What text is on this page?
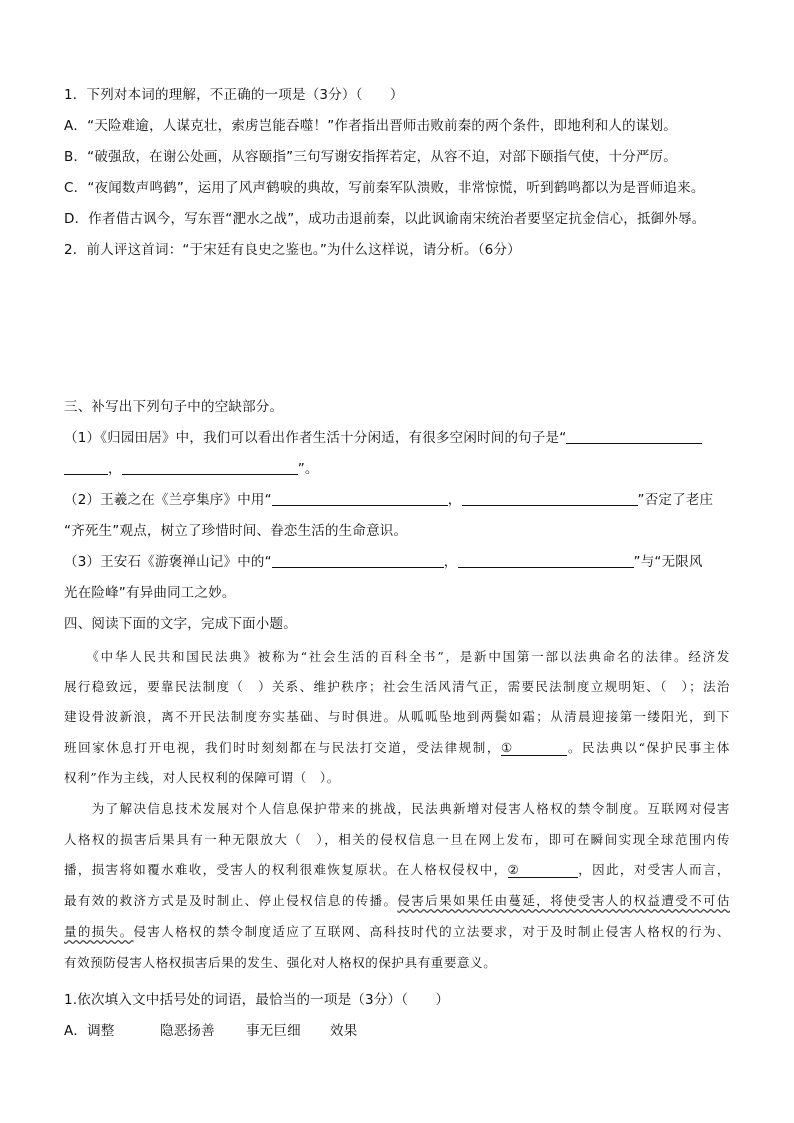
1．下列对本词的理解，不正确的一项是（3分）（　　）
A．“天险难逾，人谋克壮，索虏岂能吞噬！”作者指出晋师击败前秦的两个条件，即地利和人的谋划。
B．“破强敌，在谢公处画，从容颐指”三句写谢安指挥若定，从容不迫，对部下颐指气使，十分严厉。
C．“夜闻数声鸣鹤”，运用了风声鹤唳的典故，写前秦军队溃败，非常惊慌，听到鹤鸣都以为是晋师追来。
D．作者借古讽今，写东晋“淝水之战”，成功击退前秦，以此讽谕南宋统治者要坚定抗金信心，抵御外辱。
2．前人评这首词：“于宋廷有良史之鉴也。”为什么这样说，请分析。（6分）
三、补写出下列句子中的空缺部分。
（1）《归园田居》中，我们可以看出作者生活十分闲适，有很多空闲时间的句子是“
，	”。
（2）王羲之在《兰亭集序》中用“	，	”否定了老庄
“齐死生”观点，树立了珍惜时间、眷恋生活的生命意识。
（3）王安石《游褒禅山记》中的“	，	”与“无限风
光在险峰”有异曲同工之妙。
四、阅读下面的文字，完成下面小题。
　　《中华人民共和国民法典》被称为“社会生活的百科全书”，是新中国第一部以法典命名的法律。经济发
展行稳致远，要靠民法制度（　）关系、维护秩序；社会生活风清气正，需要民法制度立规明矩、（　）；法治
建设骨波新浪，离不开民法制度夯实基础、与时俱进。从呱呱坠地到两鬓如霜；从清晨迎接第一缕阳光，到下
班回家休息打开电视，我们时时刻刻都在与民法打交道，受法律规制，①	。民法典以“保护民事主体
权利”作为主线，对人民权利的保障可谓（　）。
　　为了解决信息技术发展对个人信息保护带来的挑战，民法典新增对侵害人格权的禁令制度。互联网对侵害
人格权的损害后果具有一种无限放大（　），相关的侵权信息一旦在网上发布，即可在瞬间实现全球范围内传
播，损害将如覆水难收，受害人的权利很难恢复原状。在人格权侵权中，②	，因此，对受害人而言，
最有效的救济方式是及时制止、停止侵权信息的传播。侵害后果如果任由蔓延，将使受害人的权益遭受不可估
量的损失。侵害人格权的禁令制度适应了互联网、高科技时代的立法要求，对于及时制止侵害人格权的行为、
有效预防侵害人格权损害后果的发生、强化对人格权的保护具有重要意义。
1.依次填入文中括号处的词语，最恰当的一项是（3分）（　　）
A．调整	隐恶扬善 事无巨细 效果
